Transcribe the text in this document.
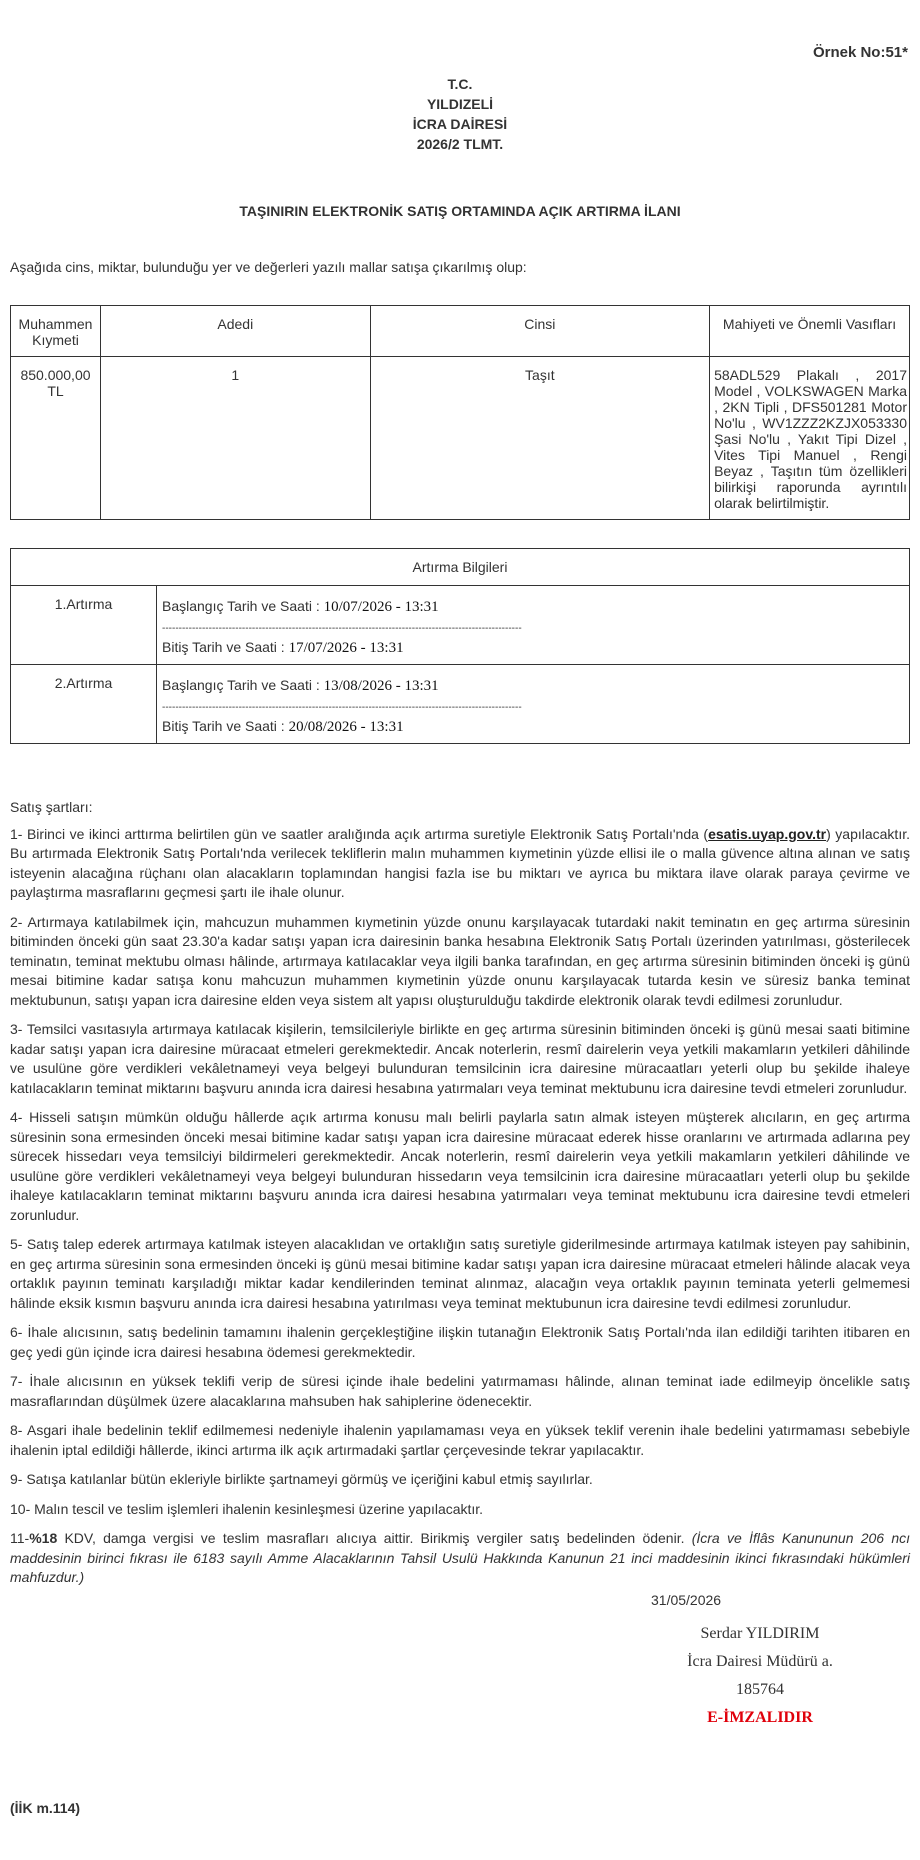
Örnek No:51*
T.C.
YILDIZELİ
İCRA DAİRESİ
2026/2 TLMT.
TAŞINIRIN ELEKTRONİK SATIŞ ORTAMINDA AÇIK ARTIRMA İLANI
Aşağıda cins, miktar, bulunduğu yer ve değerleri yazılı mallar satışa çıkarılmış olup:
Muhammen Kıymeti	Adedi	Cinsi	Mahiyeti ve Önemli Vasıfları
850.000,00 TL	1	Taşıt	58ADL529 Plakalı , 2017 Model , VOLKSWAGEN Marka , 2KN Tipli , DFS501281 Motor No'lu , WV1ZZZ2KZJX053330 Şasi No'lu , Yakıt Tipi Dizel , Vites Tipi Manuel , Rengi Beyaz , Taşıtın tüm özellikleri bilirkişi raporunda ayrıntılı olarak belirtilmiştir.
Artırma Bilgileri	
1.Artırma	Başlangıç Tarih ve Saati : 10/07/2026 - 13:31
------------------------------------------------------------------------------------------------------------
Bitiş Tarih ve Saati : 17/07/2026 - 13:31

2.Artırma	Başlangıç Tarih ve Saati : 13/08/2026 - 13:31
------------------------------------------------------------------------------------------------------------
Bitiş Tarih ve Saati : 20/08/2026 - 13:31

Satış şartları:

1- Birinci ve ikinci arttırma belirtilen gün ve saatler aralığında açık artırma suretiyle Elektronik Satış Portalı'nda (esatis.uyap.gov.tr) yapılacaktır. Bu artırmada Elektronik Satış Portalı'nda verilecek tekliflerin malın muhammen kıymetinin yüzde ellisi ile o malla güvence altına alınan ve satış isteyenin alacağına rüçhanı olan alacakların toplamından hangisi fazla ise bu miktarı ve ayrıca bu miktara ilave olarak paraya çevirme ve paylaştırma masraflarını geçmesi şartı ile ihale olunur.

2- Artırmaya katılabilmek için, mahcuzun muhammen kıymetinin yüzde onunu karşılayacak tutardaki nakit teminatın en geç artırma süresinin bitiminden önceki gün saat 23.30'a kadar satışı yapan icra dairesinin banka hesabına Elektronik Satış Portalı üzerinden yatırılması, gösterilecek teminatın, teminat mektubu olması hâlinde, artırmaya katılacaklar veya ilgili banka tarafından, en geç artırma süresinin bitiminden önceki iş günü mesai bitimine kadar satışa konu mahcuzun muhammen kıymetinin yüzde onunu karşılayacak tutarda kesin ve süresiz banka teminat mektubunun, satışı yapan icra dairesine elden veya sistem alt yapısı oluşturulduğu takdirde elektronik olarak tevdi edilmesi zorunludur.

3- Temsilci vasıtasıyla artırmaya katılacak kişilerin, temsilcileriyle birlikte en geç artırma süresinin bitiminden önceki iş günü mesai saati bitimine kadar satışı yapan icra dairesine müracaat etmeleri gerekmektedir. Ancak noterlerin, resmî dairelerin veya yetkili makamların yetkileri dâhilinde ve usulüne göre verdikleri vekâletnameyi veya belgeyi bulunduran temsilcinin icra dairesine müracaatları yeterli olup bu şekilde ihaleye katılacakların teminat miktarını başvuru anında icra dairesi hesabına yatırmaları veya teminat mektubunu icra dairesine tevdi etmeleri zorunludur.

4- Hisseli satışın mümkün olduğu hâllerde açık artırma konusu malı belirli paylarla satın almak isteyen müşterek alıcıların, en geç artırma süresinin sona ermesinden önceki mesai bitimine kadar satışı yapan icra dairesine müracaat ederek hisse oranlarını ve artırmada adlarına pey sürecek hissedarı veya temsilciyi bildirmeleri gerekmektedir. Ancak noterlerin, resmî dairelerin veya yetkili makamların yetkileri dâhilinde ve usulüne göre verdikleri vekâletnameyi veya belgeyi bulunduran hissedarın veya temsilcinin icra dairesine müracaatları yeterli olup bu şekilde ihaleye katılacakların teminat miktarını başvuru anında icra dairesi hesabına yatırmaları veya teminat mektubunu icra dairesine tevdi etmeleri zorunludur.

5- Satış talep ederek artırmaya katılmak isteyen alacaklıdan ve ortaklığın satış suretiyle giderilmesinde artırmaya katılmak isteyen pay sahibinin, en geç artırma süresinin sona ermesinden önceki iş günü mesai bitimine kadar satışı yapan icra dairesine müracaat etmeleri hâlinde alacak veya ortaklık payının teminatı karşıladığı miktar kadar kendilerinden teminat alınmaz, alacağın veya ortaklık payının teminata yeterli gelmemesi hâlinde eksik kısmın başvuru anında icra dairesi hesabına yatırılması veya teminat mektubunun icra dairesine tevdi edilmesi zorunludur.

6- İhale alıcısının, satış bedelinin tamamını ihalenin gerçekleştiğine ilişkin tutanağın Elektronik Satış Portalı'nda ilan edildiği tarihten itibaren en geç yedi gün içinde icra dairesi hesabına ödemesi gerekmektedir.

7- İhale alıcısının en yüksek teklifi verip de süresi içinde ihale bedelini yatırmaması hâlinde, alınan teminat iade edilmeyip öncelikle satış masraflarından düşülmek üzere alacaklarına mahsuben hak sahiplerine ödenecektir.

8- Asgari ihale bedelinin teklif edilmemesi nedeniyle ihalenin yapılamaması veya en yüksek teklif verenin ihale bedelini yatırmaması sebebiyle ihalenin iptal edildiği hâllerde, ikinci artırma ilk açık artırmadaki şartlar çerçevesinde tekrar yapılacaktır.

9- Satışa katılanlar bütün ekleriyle birlikte şartnameyi görmüş ve içeriğini kabul etmiş sayılırlar.

10- Malın tescil ve teslim işlemleri ihalenin kesinleşmesi üzerine yapılacaktır.

11-%18 KDV, damga vergisi ve teslim masrafları alıcıya aittir. Birikmiş vergiler satış bedelinden ödenir. (İcra ve İflâs Kanununun 206 ncı maddesinin birinci fıkrası ile 6183 sayılı Amme Alacaklarının Tahsil Usulü Hakkında Kanunun 21 inci maddesinin ikinci fıkrasındaki hükümleri mahfuzdur.)

31/05/2026
Serdar YILDIRIM
İcra Dairesi Müdürü a.
185764
E-İMZALIDIR
(İİK m.114)
